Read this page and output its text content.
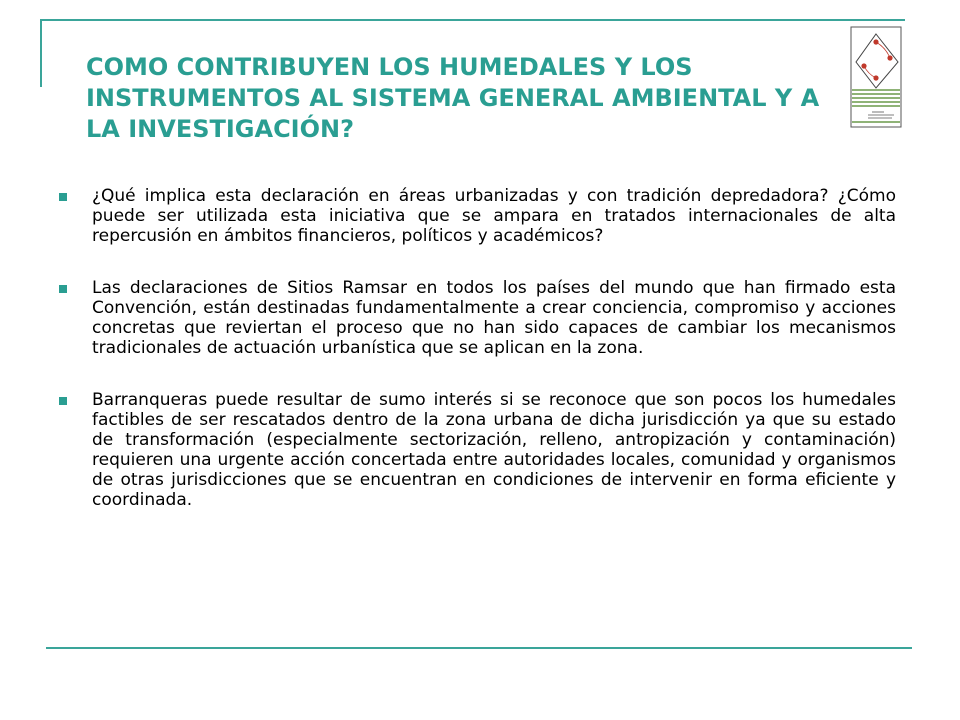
COMO CONTRIBUYEN LOS HUMEDALES Y LOS INSTRUMENTOS AL SISTEMA GENERAL AMBIENTAL Y A LA INVESTIGACIÓN?
¿Qué implica esta declaración en áreas urbanizadas y con tradición depredadora? ¿Cómo puede ser utilizada esta iniciativa que se ampara en tratados internacionales de alta repercusión en ámbitos financieros, políticos y académicos?
Las declaraciones de Sitios Ramsar en todos los países del mundo que han firmado esta Convención, están destinadas fundamentalmente a crear conciencia, compromiso y acciones concretas que reviertan el proceso que no han sido capaces de cambiar los mecanismos tradicionales de actuación urbanística que se aplican en la zona.
Barranqueras puede resultar de sumo interés si se reconoce que son pocos los humedales factibles de ser rescatados dentro de la zona urbana de dicha jurisdicción ya que su estado de transformación (especialmente sectorización, relleno, antropización y contaminación) requieren una urgente acción concertada entre autoridades locales, comunidad y organismos de otras jurisdicciones que se encuentran en condiciones de intervenir en forma eficiente y coordinada.
